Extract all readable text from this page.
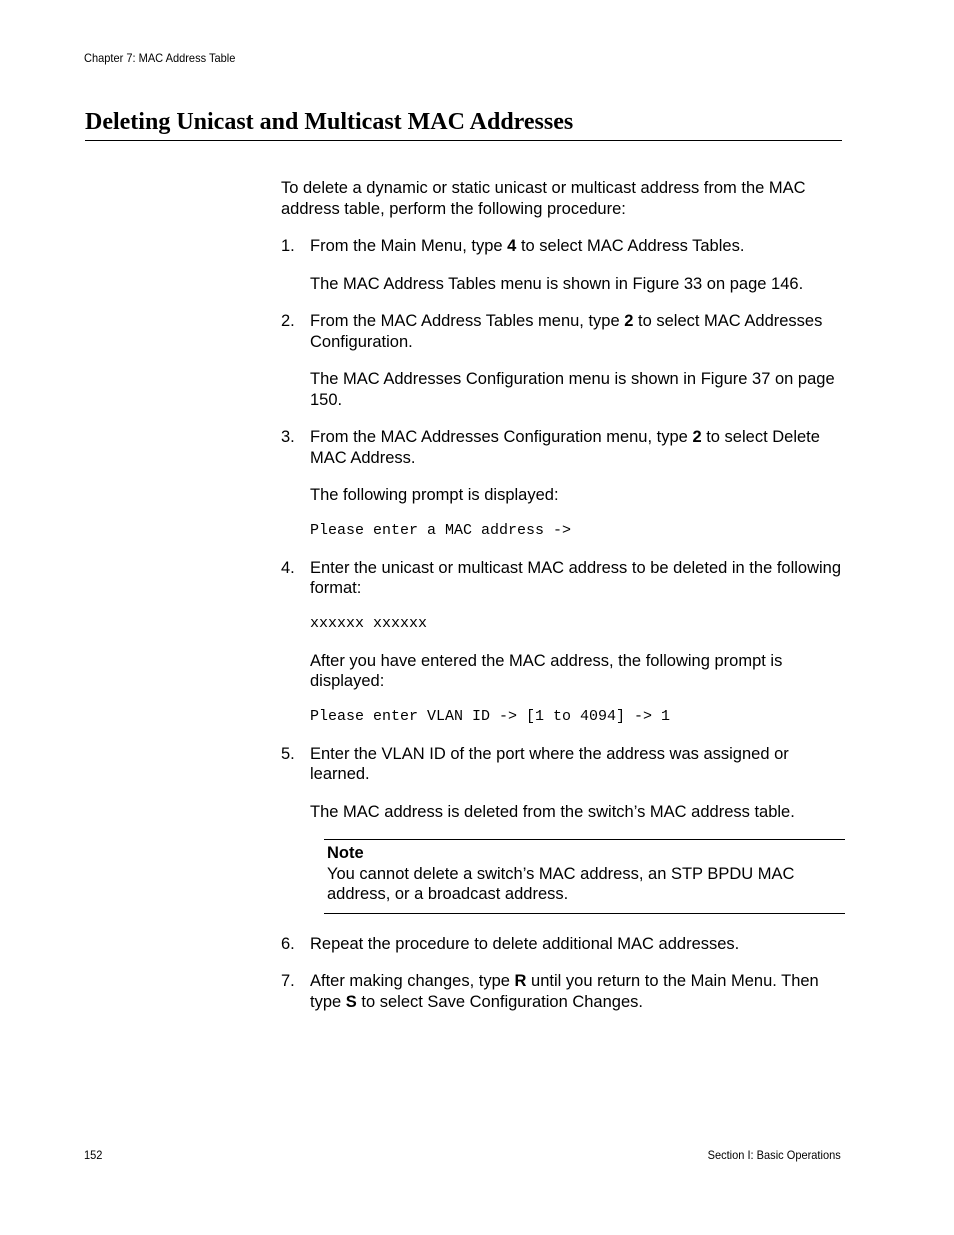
Chapter 7: MAC Address Table
Deleting Unicast and Multicast MAC Addresses

To delete a dynamic or static unicast or multicast address from the MAC address table, perform the following procedure:

1. From the Main Menu, type 4 to select MAC Address Tables.

The MAC Address Tables menu is shown in Figure 33 on page 146.

2. From the MAC Address Tables menu, type 2 to select MAC Addresses Configuration.

The MAC Addresses Configuration menu is shown in Figure 37 on page 150.

3. From the MAC Addresses Configuration menu, type 2 to select Delete MAC Address.

The following prompt is displayed:

Please enter a MAC address ->

4. Enter the unicast or multicast MAC address to be deleted in the following format:

xxxxxx xxxxxx

After you have entered the MAC address, the following prompt is displayed:

Please enter VLAN ID -> [1 to 4094] -> 1

5. Enter the VLAN ID of the port where the address was assigned or learned.

The MAC address is deleted from the switch’s MAC address table.

Note
You cannot delete a switch’s MAC address, an STP BPDU MAC address, or a broadcast address.
6. Repeat the procedure to delete additional MAC addresses.

7. After making changes, type R until you return to the Main Menu. Then type S to select Save Configuration Changes.

152	Section I: Basic Operations
